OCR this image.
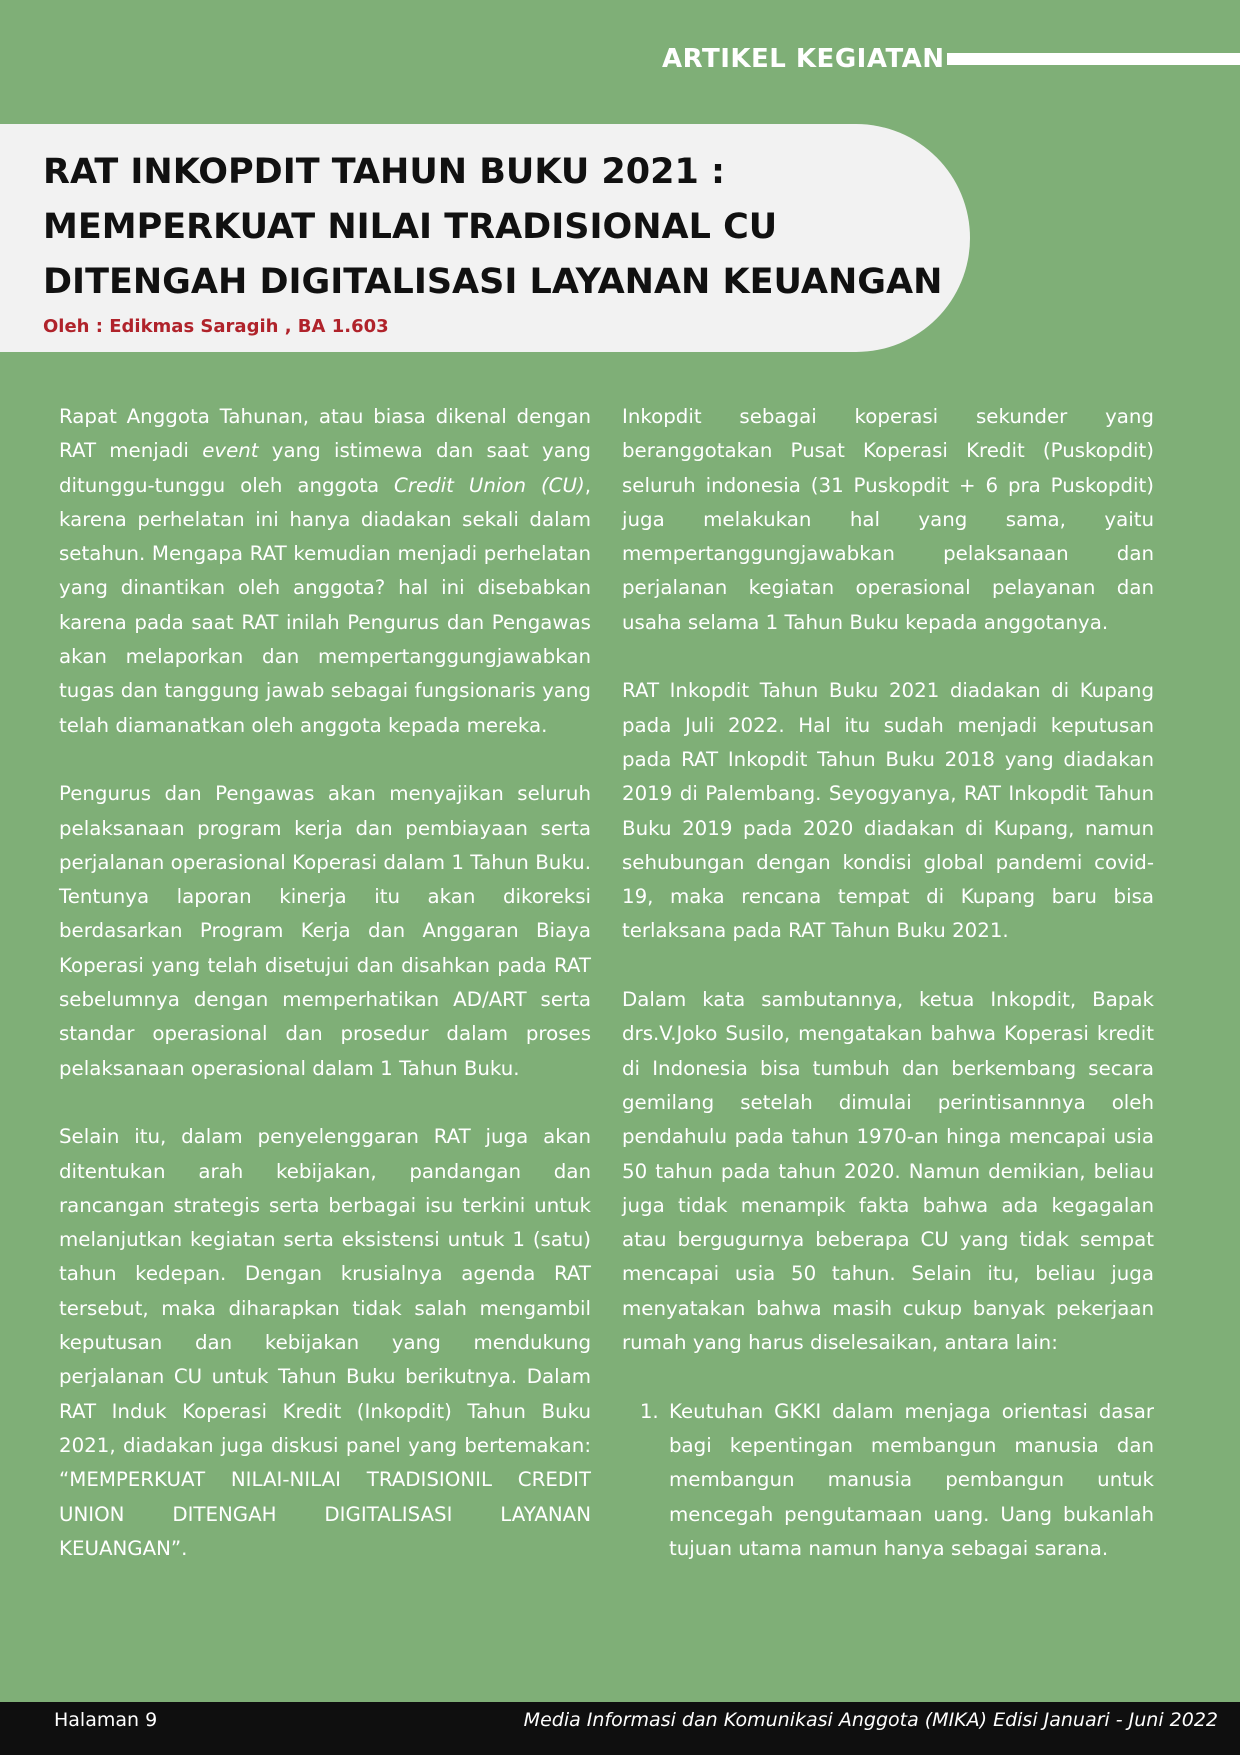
ARTIKEL KEGIATAN
RAT INKOPDIT TAHUN BUKU 2021 :
MEMPERKUAT NILAI TRADISIONAL CU
DITENGAH DIGITALISASI LAYANAN KEUANGAN
Oleh : Edikmas Saragih , BA 1.603

Rapat Anggota Tahunan, atau biasa dikenal dengan RAT menjadi event yang istimewa dan saat yang ditunggu-tunggu oleh anggota Credit Union (CU), karena perhelatan ini hanya diadakan sekali dalam setahun. Mengapa RAT kemudian menjadi perhelatan yang dinantikan oleh anggota? hal ini disebabkan karena pada saat RAT inilah Pengurus dan Pengawas akan melaporkan dan mempertanggungjawabkan tugas dan tanggung jawab sebagai fungsionaris yang telah diamanatkan oleh anggota kepada mereka.

Pengurus dan Pengawas akan menyajikan seluruh pelaksanaan program kerja dan pembiayaan serta perjalanan operasional Koperasi dalam 1 Tahun Buku. Tentunya laporan kinerja itu akan dikoreksi berdasarkan Program Kerja dan Anggaran Biaya Koperasi yang telah disetujui dan disahkan pada RAT sebelumnya dengan memperhatikan AD/ART serta standar operasional dan prosedur dalam proses pelaksanaan operasional dalam 1 Tahun Buku.

Selain itu, dalam penyelenggaran RAT juga akan ditentukan arah kebijakan, pandangan dan rancangan strategis serta berbagai isu terkini untuk melanjutkan kegiatan serta eksistensi untuk 1 (satu) tahun kedepan. Dengan krusialnya agenda RAT tersebut, maka diharapkan tidak salah mengambil keputusan dan kebijakan yang mendukung perjalanan CU untuk Tahun Buku berikutnya. Dalam RAT Induk Koperasi Kredit (Inkopdit) Tahun Buku 2021, diadakan juga diskusi panel yang bertemakan: “MEMPERKUAT NILAI-NILAI TRADISIONIL CREDIT UNION DITENGAH DIGITALISASI LAYANAN KEUANGAN”.

Inkopdit sebagai koperasi sekunder yang beranggotakan Pusat Koperasi Kredit (Puskopdit) seluruh indonesia (31 Puskopdit + 6 pra Puskopdit) juga melakukan hal yang sama, yaitu mempertanggungjawabkan pelaksanaan dan perjalanan kegiatan operasional pelayanan dan usaha selama 1 Tahun Buku kepada anggotanya.

RAT Inkopdit Tahun Buku 2021 diadakan di Kupang pada Juli 2022. Hal itu sudah menjadi keputusan pada RAT Inkopdit Tahun Buku 2018 yang diadakan 2019 di Palembang. Seyogyanya, RAT Inkopdit Tahun Buku 2019 pada 2020 diadakan di Kupang, namun sehubungan dengan kondisi global pandemi covid-19, maka rencana tempat di Kupang baru bisa terlaksana pada RAT Tahun Buku 2021.

Dalam kata sambutannya, ketua Inkopdit, Bapak drs.V.Joko Susilo, mengatakan bahwa Koperasi kredit di Indonesia bisa tumbuh dan berkembang secara gemilang setelah dimulai perintisannnya oleh pendahulu pada tahun 1970-an hinga mencapai usia 50 tahun pada tahun 2020. Namun demikian, beliau juga tidak menampik fakta bahwa ada kegagalan atau bergugurnya beberapa CU yang tidak sempat mencapai usia 50 tahun. Selain itu, beliau juga menyatakan bahwa masih cukup banyak pekerjaan rumah yang harus diselesaikan, antara lain:

1. Keutuhan GKKI dalam menjaga orientasi dasar bagi kepentingan membangun manusia dan membangun manusia pembangun untuk mencegah pengutamaan uang. Uang bukanlah tujuan utama namun hanya sebagai sarana.
Halaman 9	Media Informasi dan Komunikasi Anggota (MIKA) Edisi Januari - Juni 2022
